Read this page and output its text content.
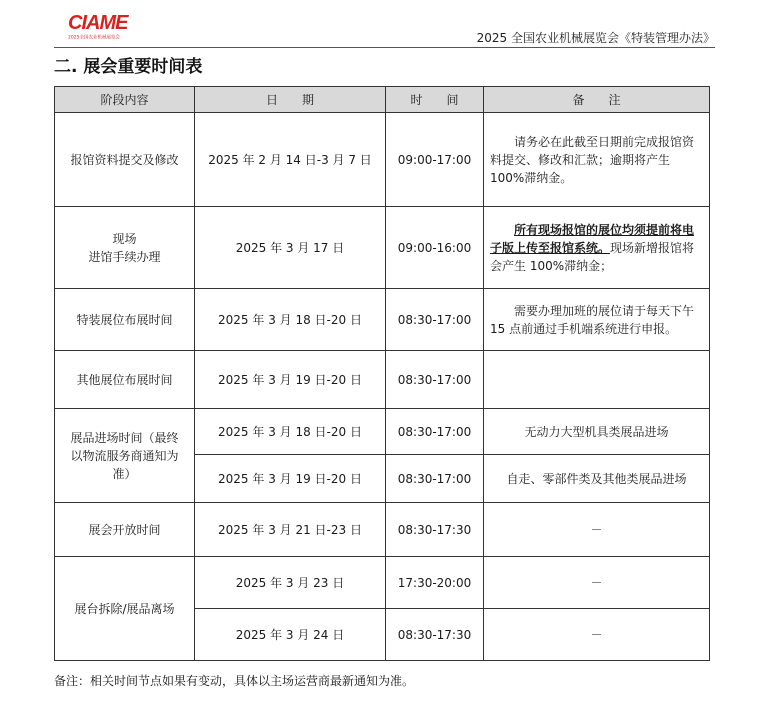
CIAME
2025全国农业机械展览会	2025 全国农业机械展览会《特装管理办法》
二. 展会重要时间表
阶段内容	日　　期	时　　间	备　　注
报馆资料提交及修改	2025 年 2 月 14 日-3 月 7 日	09:00-17:00	请务必在此截至日期前完成报馆资料提交、修改和汇款；逾期将产生 100%滞纳金。

现场
进馆手续办理	2025 年 3 月 17 日	09:00-16:00	所有现场报馆的展位均须提前将电子版上传至报馆系统。现场新增报馆将会产生 100%滞纳金；

特装展位布展时间	2025 年 3 月 18 日-20 日	08:30-17:00	需要办理加班的展位请于每天下午 15 点前通过手机端系统进行申报。

其他展位布展时间	2025 年 3 月 19 日-20 日	08:30-17:00	

展品进场时间（最终以物流服务商通知为准）	2025 年 3 月 18 日-20 日	08:30-17:00	无动力大型机具类展品进场
	2025 年 3 月 19 日-20 日	08:30-17:00	自走、零部件类及其他类展品进场
展会开放时间	2025 年 3 月 21 日-23 日	08:30-17:30	－
展台拆除/展品离场	2025 年 3 月 23 日	17:30-20:00	－
	2025 年 3 月 24 日	08:30-17:30	－
备注：相关时间节点如果有变动，具体以主场运营商最新通知为准。
